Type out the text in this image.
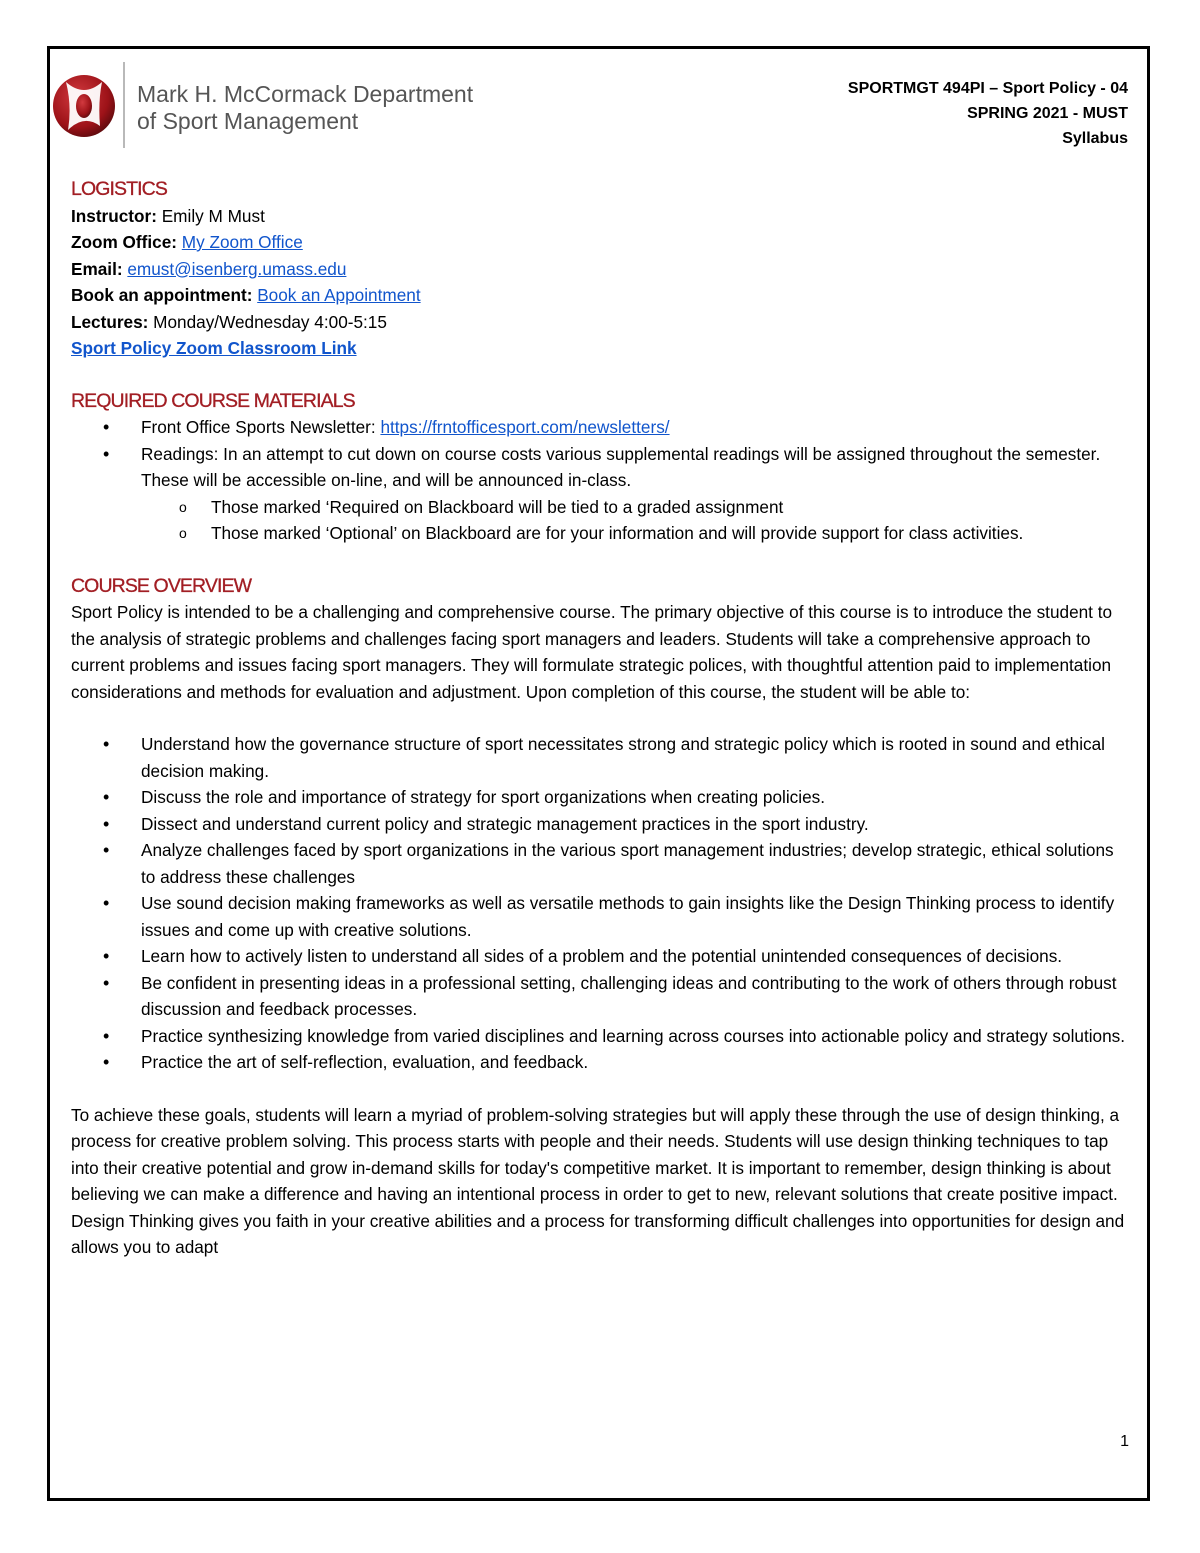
Mark H. McCormack Department
of Sport Management
SPORTMGT 494PI – Sport Policy - 04
SPRING 2021 - MUST
Syllabus
LOGISTICS
Instructor: Emily M Must
Zoom Office: My Zoom Office
Email: emust@isenberg.umass.edu
Book an appointment: Book an Appointment
Lectures: Monday/Wednesday 4:00-5:15
Sport Policy Zoom Classroom Link
REQUIRED COURSE MATERIALS
• Front Office Sports Newsletter: https://frntofficesport.com/newsletters/
• Readings: In an attempt to cut down on course costs various supplemental readings will be assigned throughout the semester. These will be accessible on-line, and will be announced in-class.
o Those marked ‘Required on Blackboard will be tied to a graded assignment
o Those marked ‘Optional’ on Blackboard are for your information and will provide support for class activities.
COURSE OVERVIEW

Sport Policy is intended to be a challenging and comprehensive course. The primary objective of this course is to introduce the student to the analysis of strategic problems and challenges facing sport managers and leaders. Students will take a comprehensive approach to current problems and issues facing sport managers. They will formulate strategic polices, with thoughtful attention paid to implementation considerations and methods for evaluation and adjustment. Upon completion of this course, the student will be able to:

• Understand how the governance structure of sport necessitates strong and strategic policy which is rooted in sound and ethical decision making.
• Discuss the role and importance of strategy for sport organizations when creating policies.
• Dissect and understand current policy and strategic management practices in the sport industry.
• Analyze challenges faced by sport organizations in the various sport management industries; develop strategic, ethical solutions to address these challenges
• Use sound decision making frameworks as well as versatile methods to gain insights like the Design Thinking process to identify issues and come up with creative solutions.
• Learn how to actively listen to understand all sides of a problem and the potential unintended consequences of decisions.
• Be confident in presenting ideas in a professional setting, challenging ideas and contributing to the work of others through robust discussion and feedback processes.
• Practice synthesizing knowledge from varied disciplines and learning across courses into actionable policy and strategy solutions.
• Practice the art of self-reflection, evaluation, and feedback.

To achieve these goals, students will learn a myriad of problem-solving strategies but will apply these through the use of design thinking, a process for creative problem solving. This process starts with people and their needs. Students will use design thinking techniques to tap into their creative potential and grow in-demand skills for today's competitive market. It is important to remember, design thinking is about believing we can make a difference and having an intentional process in order to get to new, relevant solutions that create positive impact. Design Thinking gives you faith in your creative abilities and a process for transforming difficult challenges into opportunities for design and allows you to adapt

1
